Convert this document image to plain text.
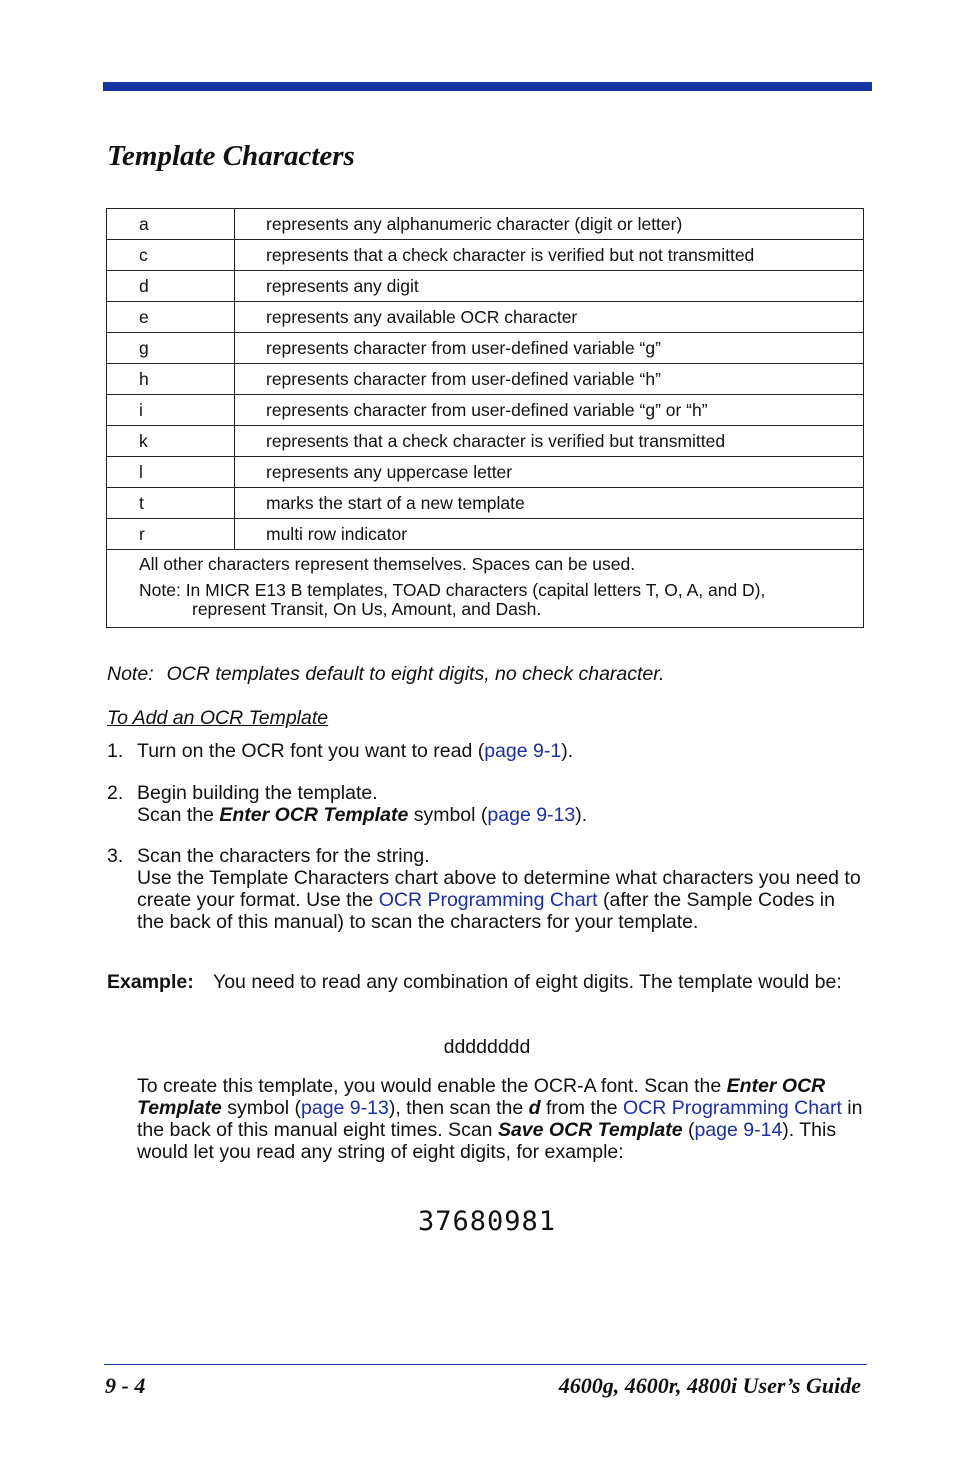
Template Characters
a	represents any alphanumeric character (digit or letter)
c	represents that a check character is verified but not transmitted
d	represents any digit
e	represents any available OCR character
g	represents character from user-defined variable “g”
h	represents character from user-defined variable “h”
i	represents character from user-defined variable “g” or “h”
k	represents that a check character is verified but transmitted
l	represents any uppercase letter
t	marks the start of a new template
r	multi row indicator

All other characters represent themselves. Spaces can be used.
Note: In MICR E13 B templates, TOAD characters (capital letters T, O, A, and D),
represent Transit, On Us, Amount, and Dash.	
Note: OCR templates default to eight digits, no check character.
To Add an OCR Template
1. Turn on the OCR font you want to read (page 9-1).
2. Begin building the template.
Scan the Enter OCR Template symbol (page 9-13).
3. Scan the characters for the string.
Use the Template Characters chart above to determine what characters you need to create your format. Use the OCR Programming Chart (after the Sample Codes in the back of this manual) to scan the characters for your template.
Example: You need to read any combination of eight digits. The template would be:
dddddddd
To create this template, you would enable the OCR-A font. Scan the Enter OCR Template symbol (page 9-13), then scan the d from the OCR Programming Chart in the back of this manual eight times. Scan Save OCR Template (page 9-14). This would let you read any string of eight digits, for example:
37680981
9 - 4	4600g, 4600r, 4800i User’s Guide
